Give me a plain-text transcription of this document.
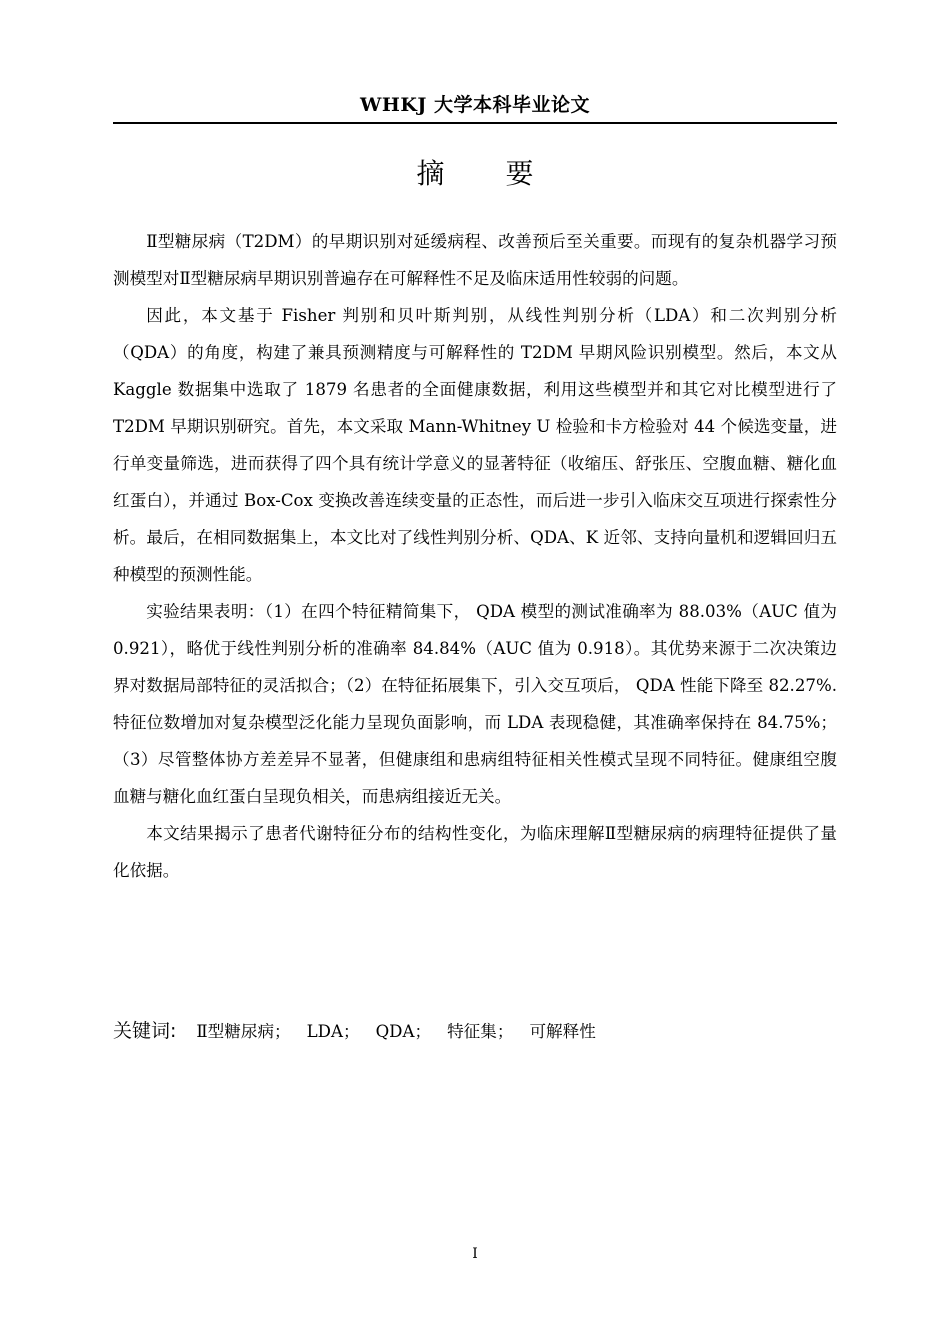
WHKJ 大学本科毕业论文
摘 要

Ⅱ型糖尿病（T2DM）的早期识别对延缓病程、改善预后至关重要。而现有的复杂机器学习预测模型对Ⅱ型糖尿病早期识别普遍存在可解释性不足及临床适用性较弱的问题。

因此，本文基于 Fisher 判别和贝叶斯判别，从线性判别分析（LDA）和二次判别分析（QDA）的角度，构建了兼具预测精度与可解释性的 T2DM 早期风险识别模型。然后，本文从 Kaggle 数据集中选取了 1879 名患者的全面健康数据，利用这些模型并和其它对比模型进行了 T2DM 早期识别研究。首先，本文采取 Mann-Whitney U 检验和卡方检验对 44 个候选变量，进行单变量筛选，进而获得了四个具有统计学意义的显著特征（收缩压、舒张压、空腹血糖、糖化血红蛋白），并通过 Box-Cox 变换改善连续变量的正态性，而后进一步引入临床交互项进行探索性分析。最后，在相同数据集上，本文比对了线性判别分析、QDA、K 近邻、支持向量机和逻辑回归五种模型的预测性能。

实验结果表明：（1）在四个特征精简集下， QDA 模型的测试准确率为 88.03%（AUC 值为 0.921），略优于线性判别分析的准确率 84.84%（AUC 值为 0.918）。其优势来源于二次决策边界对数据局部特征的灵活拟合；（2）在特征拓展集下，引入交互项后， QDA 性能下降至 82.27%.特征位数增加对复杂模型泛化能力呈现负面影响，而 LDA 表现稳健，其准确率保持在 84.75%；（3）尽管整体协方差差异不显著，但健康组和患病组特征相关性模式呈现不同特征。健康组空腹血糖与糖化血红蛋白呈现负相关，而患病组接近无关。

本文结果揭示了患者代谢特征分布的结构性变化，为临床理解Ⅱ型糖尿病的病理特征提供了量化依据。

关键词: Ⅱ型糖尿病； LDA； QDA； 特征集； 可解释性
I
